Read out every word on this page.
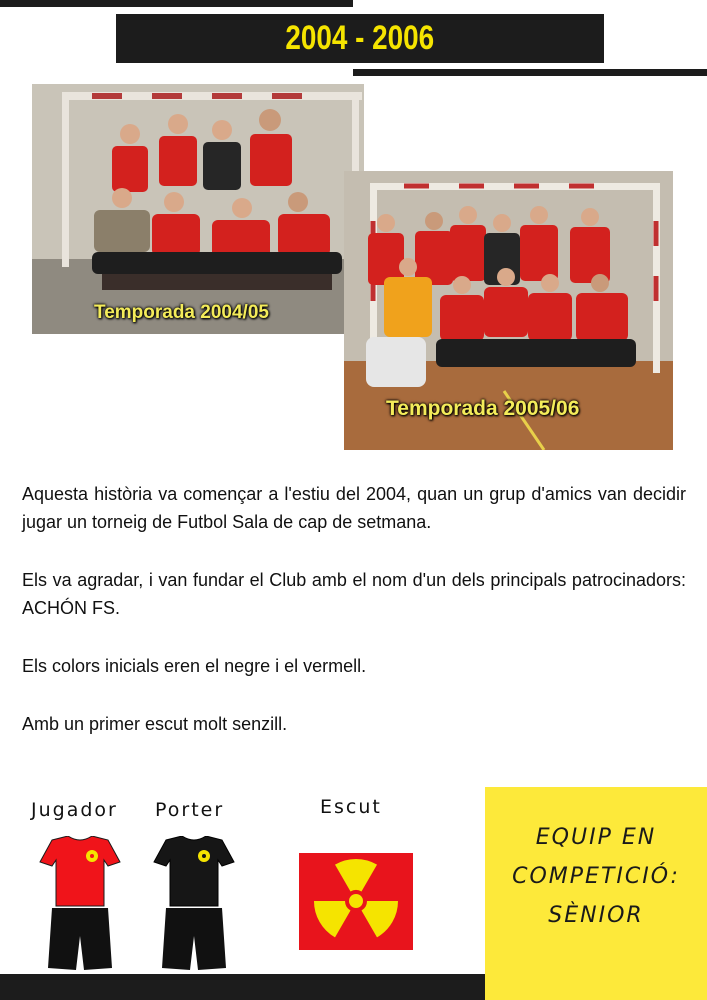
2004 - 2006
Temporada 2004/05
Temporada 2005/06

Aquesta història va començar a l'estiu del 2004, quan un grup d'amics van decidir jugar un torneig de Futbol Sala de cap de setmana.

Els va agradar, i van fundar el Club amb el nom d'un dels principals patrocinadors: ACHÓN FS.

Els colors inicials eren el negre i el vermell.

Amb un primer escut molt senzill.

Jugador Porter	Escut
EQUIP EN
COMPETICIÓ:
SÈNIOR
